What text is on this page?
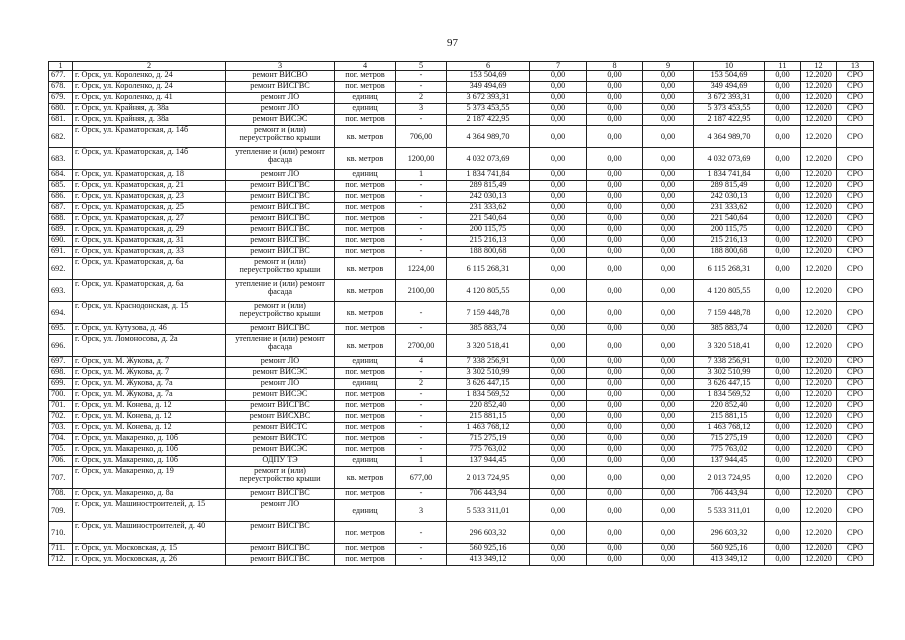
97
1	2	3	4	5	6	7	8	9	10	11	12	13
677.	г. Орск, ул. Короленко, д. 24	ремонт ВИСВО	пог. метров	-	153 504,69	0,00	0,00	0,00	153 504,69	0,00	12.2020	СРО
678.	г. Орск, ул. Короленко, д. 24	ремонт ВИСГВС	пог. метров	-	349 494,69	0,00	0,00	0,00	349 494,69	0,00	12.2020	СРО
679.	г. Орск, ул. Короленко, д. 41	ремонт ЛО	единиц	2	3 672 393,31	0,00	0,00	0,00	3 672 393,31	0,00	12.2020	СРО
680.	г. Орск, ул. Крайняя, д. 38а	ремонт ЛО	единиц	3	5 373 453,55	0,00	0,00	0,00	5 373 453,55	0,00	12.2020	СРО
681.	г. Орск, ул. Крайняя, д. 38а	ремонт ВИСЭС	пог. метров	-	2 187 422,95	0,00	0,00	0,00	2 187 422,95	0,00	12.2020	СРО
682.	г. Орск, ул. Краматорская, д. 14б	ремонт и (или) переустройство крыши	кв. метров	706,00	4 364 989,70	0,00	0,00	0,00	4 364 989,70	0,00	12.2020	СРО
683.	г. Орск, ул. Краматорская, д. 14б	утепление и (или) ремонт фасада	кв. метров	1200,00	4 032 073,69	0,00	0,00	0,00	4 032 073,69	0,00	12.2020	СРО
684.	г. Орск, ул. Краматорская, д. 18	ремонт ЛО	единиц	1	1 834 741,84	0,00	0,00	0,00	1 834 741,84	0,00	12.2020	СРО
685.	г. Орск, ул. Краматорская, д. 21	ремонт ВИСГВС	пог. метров	-	289 815,49	0,00	0,00	0,00	289 815,49	0,00	12.2020	СРО
686.	г. Орск, ул. Краматорская, д. 23	ремонт ВИСГВС	пог. метров	-	242 030,13	0,00	0,00	0,00	242 030,13	0,00	12.2020	СРО
687.	г. Орск, ул. Краматорская, д. 25	ремонт ВИСГВС	пог. метров	-	231 333,62	0,00	0,00	0,00	231 333,62	0,00	12.2020	СРО
688.	г. Орск, ул. Краматорская, д. 27	ремонт ВИСГВС	пог. метров	-	221 540,64	0,00	0,00	0,00	221 540,64	0,00	12.2020	СРО
689.	г. Орск, ул. Краматорская, д. 29	ремонт ВИСГВС	пог. метров	-	200 115,75	0,00	0,00	0,00	200 115,75	0,00	12.2020	СРО
690.	г. Орск, ул. Краматорская, д. 31	ремонт ВИСГВС	пог. метров	-	215 216,13	0,00	0,00	0,00	215 216,13	0,00	12.2020	СРО
691.	г. Орск, ул. Краматорская, д. 33	ремонт ВИСГВС	пог. метров	-	188 800,68	0,00	0,00	0,00	188 800,68	0,00	12.2020	СРО
692.	г. Орск, ул. Краматорская, д. 6а	ремонт и (или) переустройство крыши	кв. метров	1224,00	6 115 268,31	0,00	0,00	0,00	6 115 268,31	0,00	12.2020	СРО
693.	г. Орск, ул. Краматорская, д. 6а	утепление и (или) ремонт фасада	кв. метров	2100,00	4 120 805,55	0,00	0,00	0,00	4 120 805,55	0,00	12.2020	СРО
694.	г. Орск, ул. Краснодонская, д. 15	ремонт и (или) переустройство крыши	кв. метров	-	7 159 448,78	0,00	0,00	0,00	7 159 448,78	0,00	12.2020	СРО
695.	г. Орск, ул. Кутузова, д. 46	ремонт ВИСГВС	пог. метров	-	385 883,74	0,00	0,00	0,00	385 883,74	0,00	12.2020	СРО
696.	г. Орск, ул. Ломоносова, д. 2а	утепление и (или) ремонт фасада	кв. метров	2700,00	3 320 518,41	0,00	0,00	0,00	3 320 518,41	0,00	12.2020	СРО
697.	г. Орск, ул. М. Жукова, д. 7	ремонт ЛО	единиц	4	7 338 256,91	0,00	0,00	0,00	7 338 256,91	0,00	12.2020	СРО
698.	г. Орск, ул. М. Жукова, д. 7	ремонт ВИСЭС	пог. метров	-	3 302 510,99	0,00	0,00	0,00	3 302 510,99	0,00	12.2020	СРО
699.	г. Орск, ул. М. Жукова, д. 7а	ремонт ЛО	единиц	2	3 626 447,15	0,00	0,00	0,00	3 626 447,15	0,00	12.2020	СРО
700.	г. Орск, ул. М. Жукова, д. 7а	ремонт ВИСЭС	пог. метров	-	1 834 569,52	0,00	0,00	0,00	1 834 569,52	0,00	12.2020	СРО
701.	г. Орск, ул. М. Конева, д. 12	ремонт ВИСГВС	пог. метров	-	220 852,40	0,00	0,00	0,00	220 852,40	0,00	12.2020	СРО
702.	г. Орск, ул. М. Конева, д. 12	ремонт ВИСХВС	пог. метров	-	215 881,15	0,00	0,00	0,00	215 881,15	0,00	12.2020	СРО
703.	г. Орск, ул. М. Конева, д. 12	ремонт ВИСТС	пог. метров	-	1 463 768,12	0,00	0,00	0,00	1 463 768,12	0,00	12.2020	СРО
704.	г. Орск, ул. Макаренко, д. 10б	ремонт ВИСТС	пог. метров	-	715 275,19	0,00	0,00	0,00	715 275,19	0,00	12.2020	СРО
705.	г. Орск, ул. Макаренко, д. 10б	ремонт ВИСЭС	пог. метров	-	775 763,02	0,00	0,00	0,00	775 763,02	0,00	12.2020	СРО
706.	г. Орск, ул. Макаренко, д. 10б	ОДПУ ТЭ	единиц	1	137 944,45	0,00	0,00	0,00	137 944,45	0,00	12.2020	СРО
707.	г. Орск, ул. Макаренко, д. 19	ремонт и (или) переустройство крыши	кв. метров	677,00	2 013 724,95	0,00	0,00	0,00	2 013 724,95	0,00	12.2020	СРО
708.	г. Орск, ул. Макаренко, д. 8а	ремонт ВИСГВС	пог. метров	-	706 443,94	0,00	0,00	0,00	706 443,94	0,00	12.2020	СРО
709.	г. Орск, ул. Машиностроителей, д. 15	ремонт ЛО	единиц	3	5 533 311,01	0,00	0,00	0,00	5 533 311,01	0,00	12.2020	СРО
710.	г. Орск, ул. Машиностроителей, д. 40	ремонт ВИСГВС	пог. метров	-	296 603,32	0,00	0,00	0,00	296 603,32	0,00	12.2020	СРО
711.	г. Орск, ул. Московская, д. 15	ремонт ВИСГВС	пог. метров	-	560 925,16	0,00	0,00	0,00	560 925,16	0,00	12.2020	СРО
712.	г. Орск, ул. Московская, д. 26	ремонт ВИСГВС	пог. метров	-	413 349,12	0,00	0,00	0,00	413 349,12	0,00	12.2020	СРО
